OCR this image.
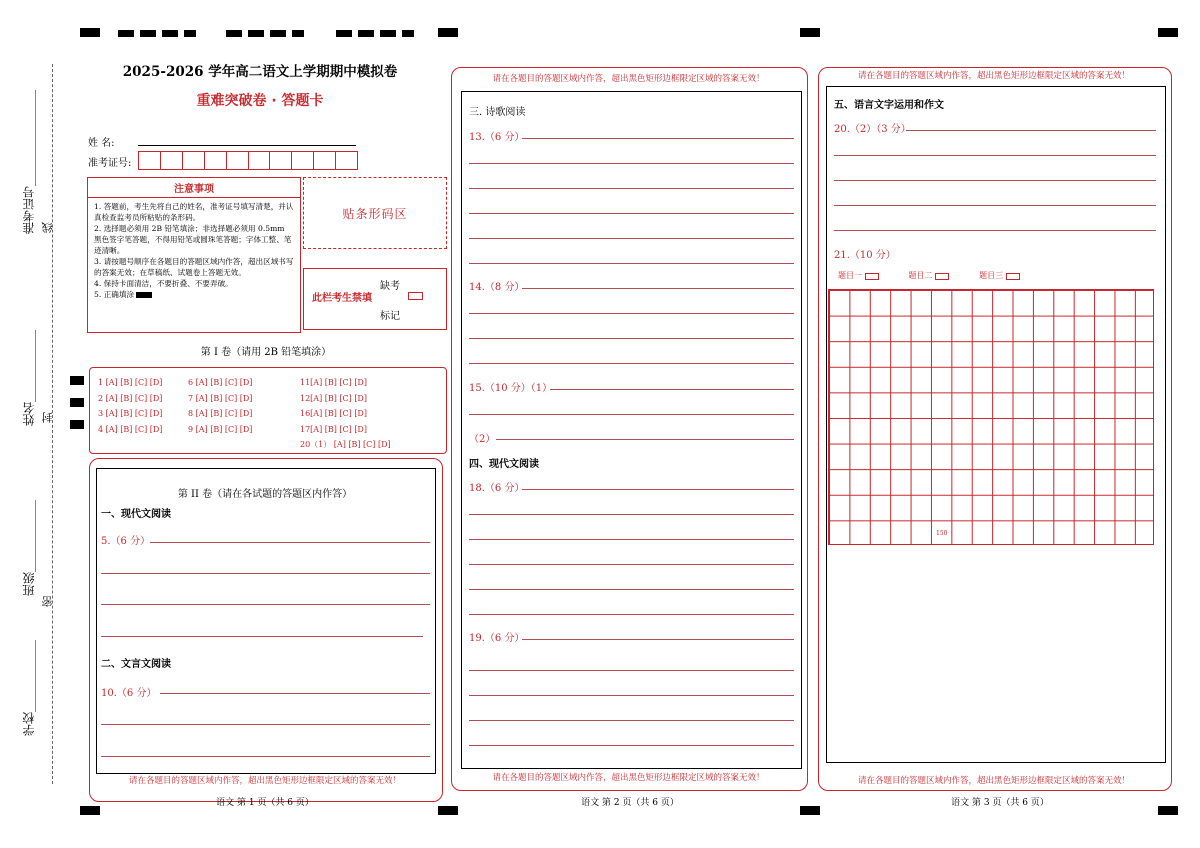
准考证号________________
姓名____________
班级____________
学校____________
线
封
密
2025-2026 学年高二语文上学期期中模拟卷
重难突破卷 · 答题卡
姓 名:
准考证号:
注意事项
1. 答题前，考生先将自己的姓名，准考证号填写清楚，并认真检查监考员所粘贴的条形码。
2. 选择题必须用 2B 铅笔填涂；非选择题必须用 0.5mm 黑色签字笔答题，不得用铅笔或圆珠笔答题；字体工整、笔迹清晰。
3. 请按题号顺序在各题目的答题区域内作答，超出区域书写的答案无效；在草稿纸、试题卷上答题无效。
4. 保持卡面清洁，不要折叠、不要弄破。
5. 正确填涂
贴条形码区
此栏考生禁填
缺考
标记
第 I 卷（请用 2B 铅笔填涂）
1 [A] [B] [C] [D]
2 [A] [B] [C] [D]
3 [A] [B] [C] [D]
4 [A] [B] [C] [D]
6 [A] [B] [C] [D]
7 [A] [B] [C] [D]
8 [A] [B] [C] [D]
9 [A] [B] [C] [D]
11[A] [B] [C] [D]
12[A] [B] [C] [D]
16[A] [B] [C] [D]
17[A] [B] [C] [D]
20（1） [A] [B] [C] [D]
第 II 卷（请在各试题的答题区内作答）
一、现代文阅读
5.（6 分）
二、文言文阅读
10.（6 分）
请在各题目的答题区域内作答，超出黑色矩形边框限定区域的答案无效！
语文 第 1 页（共 6 页）
请在各题目的答题区域内作答，超出黑色矩形边框限定区域的答案无效！
三. 诗歌阅读
13.（6 分）
14.（8 分）
15.（10 分）（1）
（2）
四、现代文阅读
18.（6 分）
19.（6 分）
请在各题目的答题区域内作答，超出黑色矩形边框限定区域的答案无效！
语文 第 2 页（共 6 页）
请在各题目的答题区域内作答，超出黑色矩形边框限定区域的答案无效！
五、语言文字运用和作文
20.（2）（3 分）
21.（10 分）
题目一	题目二	题目三
150
请在各题目的答题区域内作答，超出黑色矩形边框限定区域的答案无效！
语文 第 3 页（共 6 页）
